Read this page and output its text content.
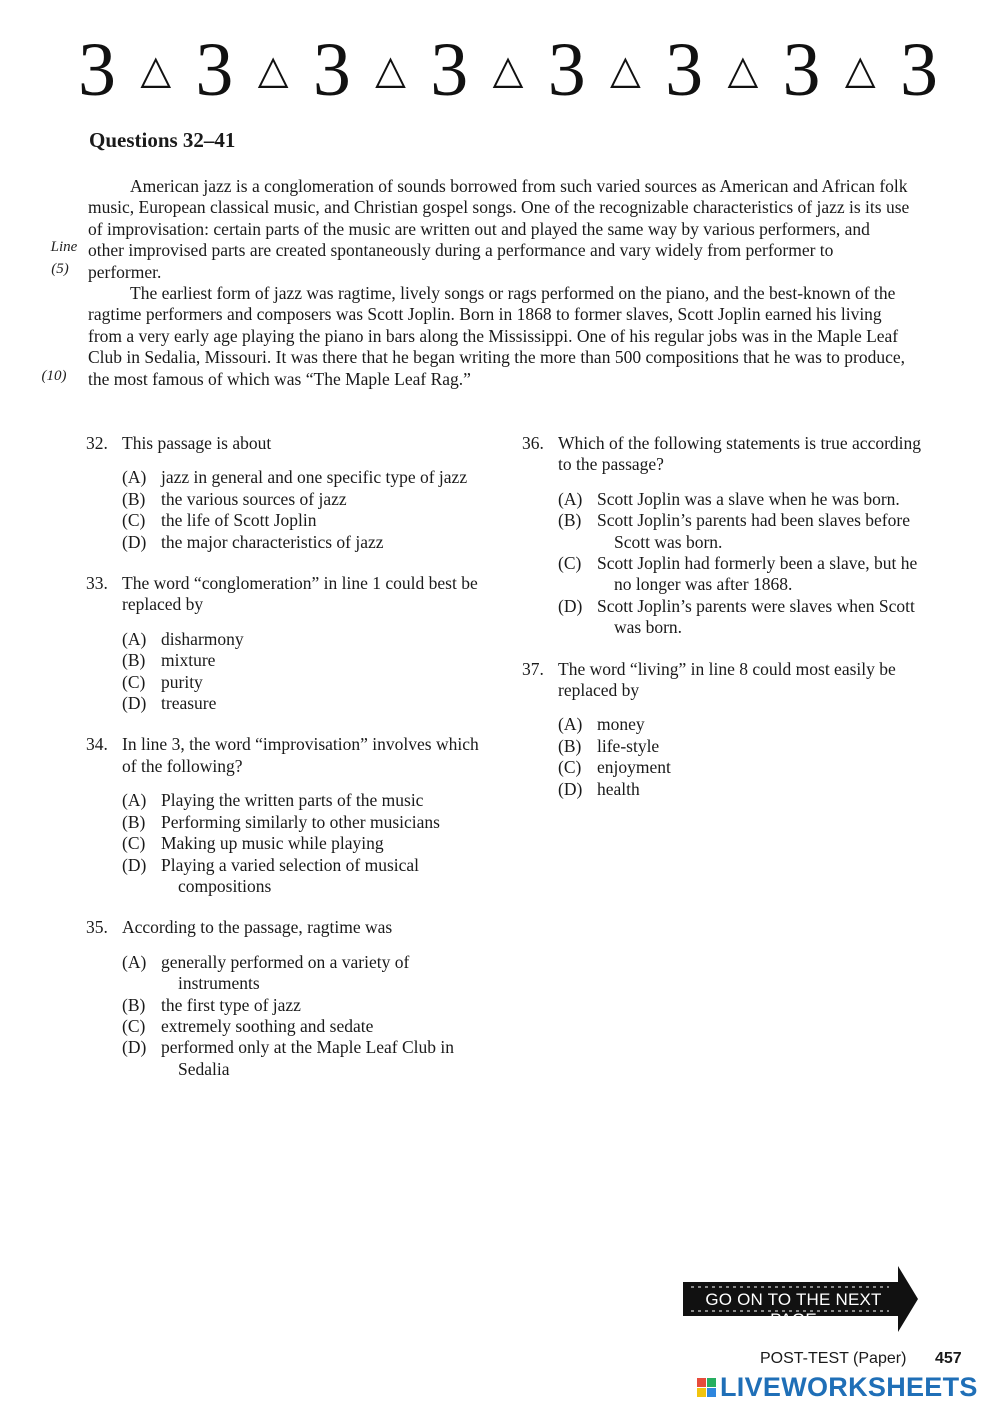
3 △ 3 △ 3 △ 3 △ 3 △ 3 △ 3 △ 3
Questions 32–41
Line
(5)
(10)

American jazz is a conglomeration of sounds borrowed from such varied sources as American and African folk music, European classical music, and Christian gospel songs. One of the recognizable characteristics of jazz is its use of improvisation: certain parts of the music are written out and played the same way by various performers, and other improvised parts are created spontaneously during a performance and vary widely from performer to performer.

The earliest form of jazz was ragtime, lively songs or rags performed on the piano, and the best-known of the ragtime performers and composers was Scott Joplin. Born in 1868 to former slaves, Scott Joplin earned his living from a very early age playing the piano in bars along the Mississippi. One of his regular jobs was in the Maple Leaf Club in Sedalia, Missouri. It was there that he began writing the more than 500 compositions that he was to produce, the most famous of which was “The Maple Leaf Rag.”

32. This passage is about
(A) jazz in general and one specific type of jazz
(B) the various sources of jazz
(C) the life of Scott Joplin
(D) the major characteristics of jazz
33. The word “conglomeration” in line 1 could best be replaced by
(A) disharmony
(B) mixture
(C) purity
(D) treasure
34. In line 3, the word “improvisation” involves which of the following?
(A) Playing the written parts of the music
(B) Performing similarly to other musicians
(C) Making up music while playing
(D) Playing a varied selection of musical compositions
35. According to the passage, ragtime was
(A) generally performed on a variety of instruments
(B) the first type of jazz
(C) extremely soothing and sedate
(D) performed only at the Maple Leaf Club in Sedalia
36. Which of the following statements is true according to the passage?
(A) Scott Joplin was a slave when he was born.
(B) Scott Joplin’s parents had been slaves before Scott was born.
(C) Scott Joplin had formerly been a slave, but he no longer was after 1868.
(D) Scott Joplin’s parents were slaves when Scott was born.
37. The word “living” in line 8 could most easily be replaced by
(A) money
(B) life-style
(C) enjoyment
(D) health
GO ON TO THE NEXT PAGE
POST-TEST (Paper) 457
LIVEWORKSHEETS
